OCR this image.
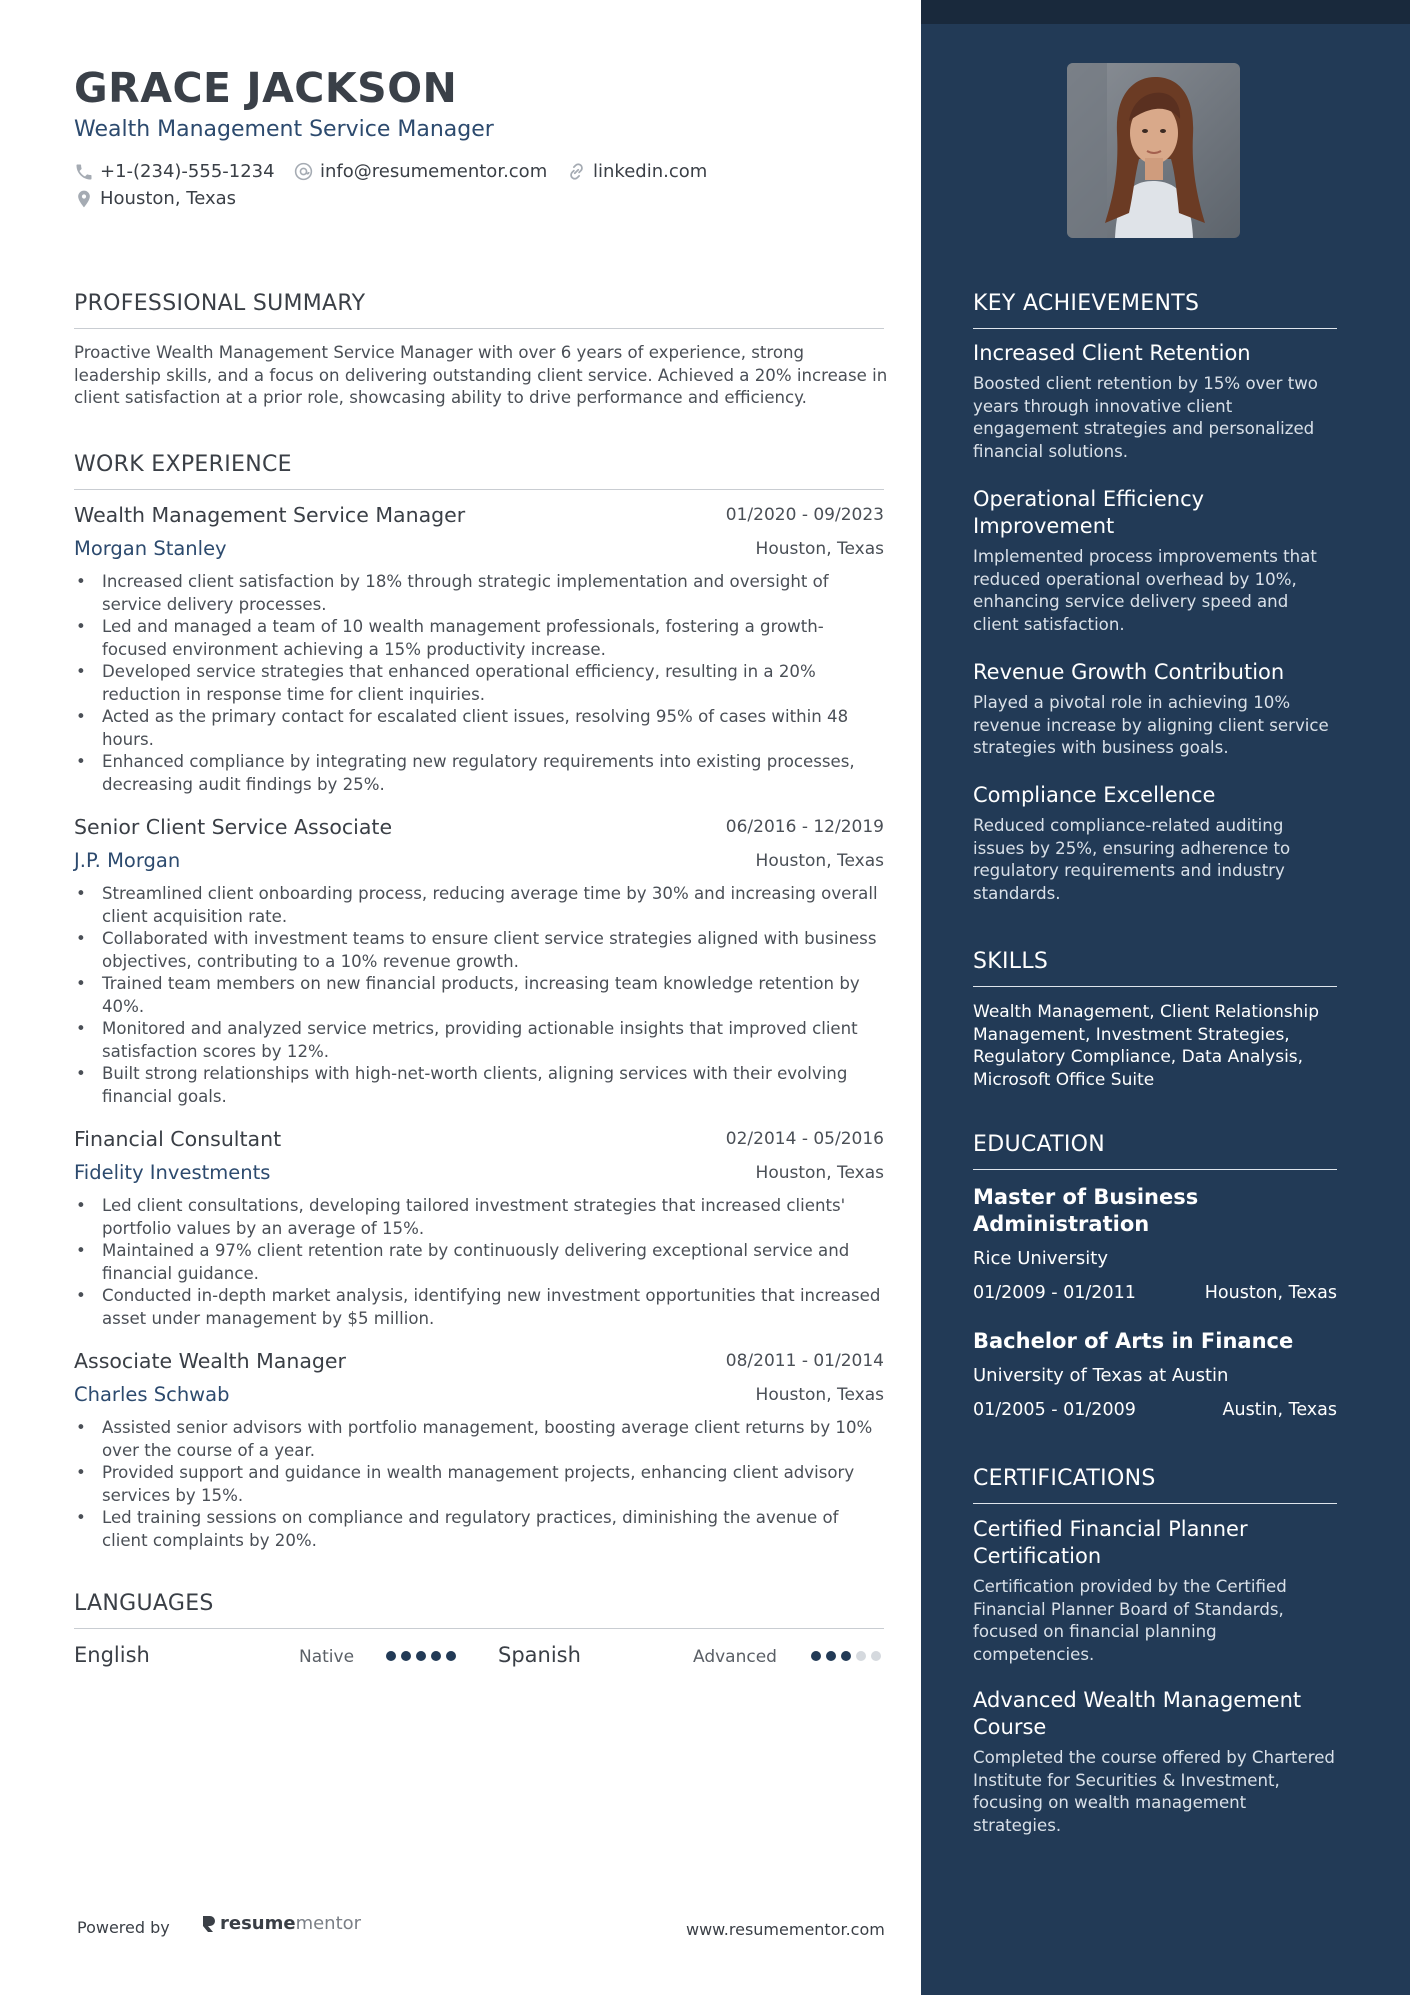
GRACE JACKSON
Wealth Management Service Manager
+1-(234)-555-1234	info@resumementor.com	linkedin.com
Houston, Texas
PROFESSIONAL SUMMARY

Proactive Wealth Management Service Manager with over 6 years of experience, strong leadership skills, and a focus on delivering outstanding client service. Achieved a 20% increase in client satisfaction at a prior role, showcasing ability to drive performance and efficiency.

WORK EXPERIENCE
Wealth Management Service Manager	01/2020 - 09/2023
Morgan Stanley	Houston, Texas
• Increased client satisfaction by 18% through strategic implementation and oversight of service delivery processes.
• Led and managed a team of 10 wealth management professionals, fostering a growth-focused environment achieving a 15% productivity increase.
• Developed service strategies that enhanced operational efficiency, resulting in a 20% reduction in response time for client inquiries.
• Acted as the primary contact for escalated client issues, resolving 95% of cases within 48 hours.
• Enhanced compliance by integrating new regulatory requirements into existing processes, decreasing audit findings by 25%.
Senior Client Service Associate	06/2016 - 12/2019
J.P. Morgan	Houston, Texas
• Streamlined client onboarding process, reducing average time by 30% and increasing overall client acquisition rate.
• Collaborated with investment teams to ensure client service strategies aligned with business objectives, contributing to a 10% revenue growth.
• Trained team members on new financial products, increasing team knowledge retention by 40%.
• Monitored and analyzed service metrics, providing actionable insights that improved client satisfaction scores by 12%.
• Built strong relationships with high-net-worth clients, aligning services with their evolving financial goals.
Financial Consultant	02/2014 - 05/2016
Fidelity Investments	Houston, Texas
• Led client consultations, developing tailored investment strategies that increased clients' portfolio values by an average of 15%.
• Maintained a 97% client retention rate by continuously delivering exceptional service and financial guidance.
• Conducted in-depth market analysis, identifying new investment opportunities that increased asset under management by $5 million.
Associate Wealth Manager	08/2011 - 01/2014
Charles Schwab	Houston, Texas
• Assisted senior advisors with portfolio management, boosting average client returns by 10% over the course of a year.
• Provided support and guidance in wealth management projects, enhancing client advisory services by 15%.
• Led training sessions on compliance and regulatory practices, diminishing the avenue of client complaints by 20%.
LANGUAGES
English	Native	Spanish	Advanced
Powered by	resume mentor	www.resumementor.com
KEY ACHIEVEMENTS
Increased Client Retention

Boosted client retention by 15% over two years through innovative client engagement strategies and personalized financial solutions.

Operational Efficiency Improvement

Implemented process improvements that reduced operational overhead by 10%, enhancing service delivery speed and client satisfaction.

Revenue Growth Contribution

Played a pivotal role in achieving 10% revenue increase by aligning client service strategies with business goals.

Compliance Excellence

Reduced compliance-related auditing issues by 25%, ensuring adherence to regulatory requirements and industry standards.

SKILLS

Wealth Management, Client Relationship Management, Investment Strategies, Regulatory Compliance, Data Analysis, Microsoft Office Suite

EDUCATION
Master of Business Administration
Rice University
01/2009 - 01/2011	Houston, Texas
Bachelor of Arts in Finance
University of Texas at Austin
01/2005 - 01/2009	Austin, Texas
CERTIFICATIONS
Certified Financial Planner Certification

Certification provided by the Certified Financial Planner Board of Standards, focused on financial planning competencies.

Advanced Wealth Management Course

Completed the course offered by Chartered Institute for Securities & Investment, focusing on wealth management strategies.
